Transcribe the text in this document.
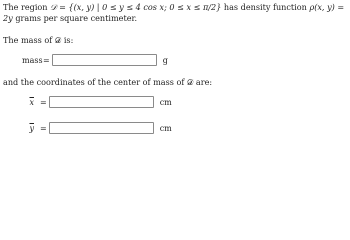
The region 𝒟 = {(x, y) | 0 ≤ y ≤ 4 cos x; 0 ≤ x ≤ π/2} has density function ρ(x, y) = 2y grams per square centimeter.
The mass of 𝒟 is:
mass =	g
and the coordinates of the center of mass of 𝒟 are:
$\overline{x}$ =	cm
$\overline{y}$ =	cm
